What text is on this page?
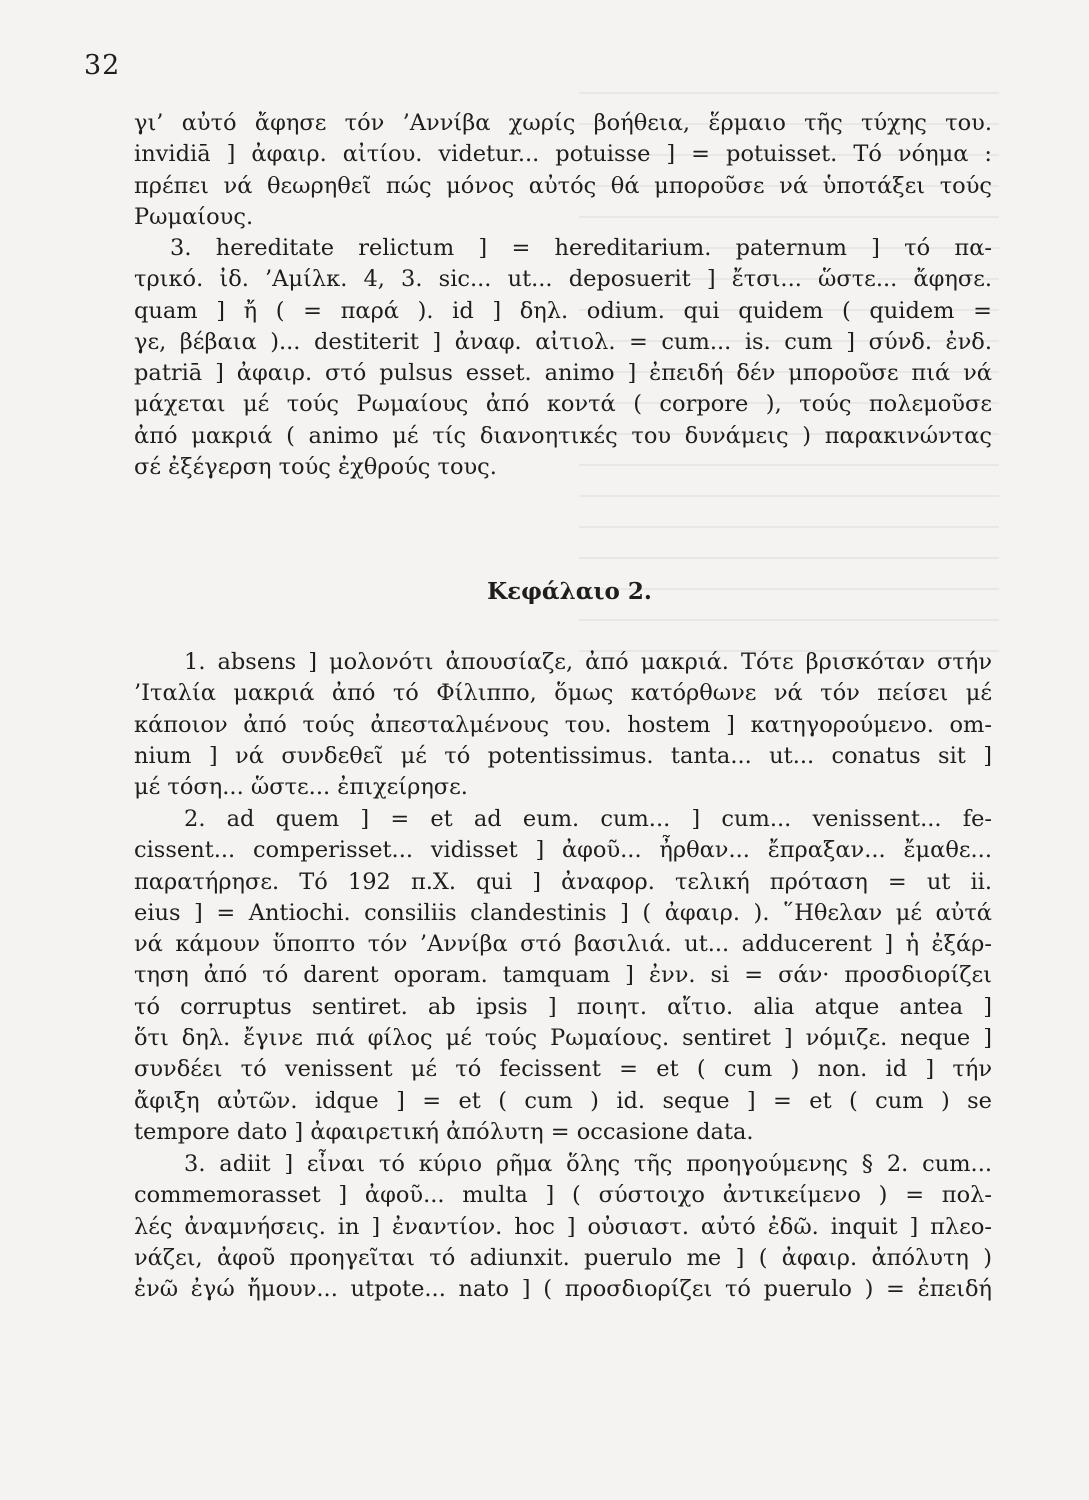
32
γι’ αὐτό ἄφησε τόν ’Αννίβα χωρίς βοήθεια, ἕρμαιο τῆς τύχης του.
invidiā ] ἀφαιρ. αἰτίου. videtur... potuisse ] = potuisset. Τό νόημα :
πρέπει νά θεωρηθεῖ πώς μόνος αὐτός θά μποροῦσε νά ὑποτάξει τούς
Ρωμαίους.
3. hereditate relictum ] = hereditarium. paternum ] τό πα-
τρικό. ἰδ. ’Αμίλκ. 4, 3. sic... ut... deposuerit ] ἔτσι... ὥστε... ἄφησε.
quam ] ἤ ( = παρά ). id ] δηλ. odium. qui quidem ( quidem =
γε, βέβαια )... destiterit ] ἀναφ. αἰτιολ. = cum... is. cum ] σύνδ. ἐνδ.
patriā ] ἀφαιρ. στό pulsus esset. animo ] ἐπειδή δέν μποροῦσε πιά νά
μάχεται μέ τούς Ρωμαίους ἀπό κοντά ( corpore ), τούς πολεμοῦσε
ἀπό μακριά ( animo μέ τίς διανοητικές του δυνάμεις ) παρακινώντας
σέ ἐξέγερση τούς ἐχθρούς τους.
Κεφάλαιο 2.
1. absens ] μολονότι ἀπουσίαζε, ἀπό μακριά. Τότε βρισκόταν στήν
’Ιταλία μακριά ἀπό τό Φίλιππο, ὅμως κατόρθωνε νά τόν πείσει μέ
κάποιον ἀπό τούς ἀπεσταλμένους του. hostem ] κατηγορούμενο. om-
nium ] νά συνδεθεῖ μέ τό potentissimus. tanta... ut... conatus sit ]
μέ τόση... ὥστε... ἐπιχείρησε.
2. ad quem ] = et ad eum. cum... ] cum... venissent... fe-
cissent... comperisset... vidisset ] ἀφοῦ... ἦρθαν... ἔπραξαν... ἔμαθε...
παρατήρησε. Τό 192 π.Χ. qui ] ἀναφορ. τελική πρόταση = ut ii.
eius ] = Antiochi. consiliis clandestinis ] ( ἀφαιρ. ). ῞Ηθελαν μέ αὐτά
νά κάμουν ὕποπτο τόν ’Αννίβα στό βασιλιά. ut... adducerent ] ἡ ἐξάρ-
τηση ἀπό τό darent oporam. tamquam ] ἐνν. si = σάν· προσδιορίζει
τό corruptus sentiret. ab ipsis ] ποιητ. αἴτιο. alia atque antea ]
ὅτι δηλ. ἔγινε πιά φίλος μέ τούς Ρωμαίους. sentiret ] νόμιζε. neque ]
συνδέει τό venissent μέ τό fecissent = et ( cum ) non. id ] τήν
ἄφιξη αὐτῶν. idque ] = et ( cum ) id. seque ] = et ( cum ) se
tempore dato ] ἀφαιρετική ἀπόλυτη = occasione data.
3. adiit ] εἶναι τό κύριο ρῆμα ὅλης τῆς προηγούμενης § 2. cum...
commemorasset ] ἀφοῦ... multa ] ( σύστοιχο ἀντικείμενο ) = πολ-
λές ἀναμνήσεις. in ] ἐναντίον. hoc ] οὐσιαστ. αὐτό ἐδῶ. inquit ] πλεο-
νάζει, ἀφοῦ προηγεῖται τό adiunxit. puerulo me ] ( ἀφαιρ. ἀπόλυτη )
ἐνῶ ἐγώ ἤμουν... utpote... nato ] ( προσδιορίζει τό puerulo ) = ἐπειδή
